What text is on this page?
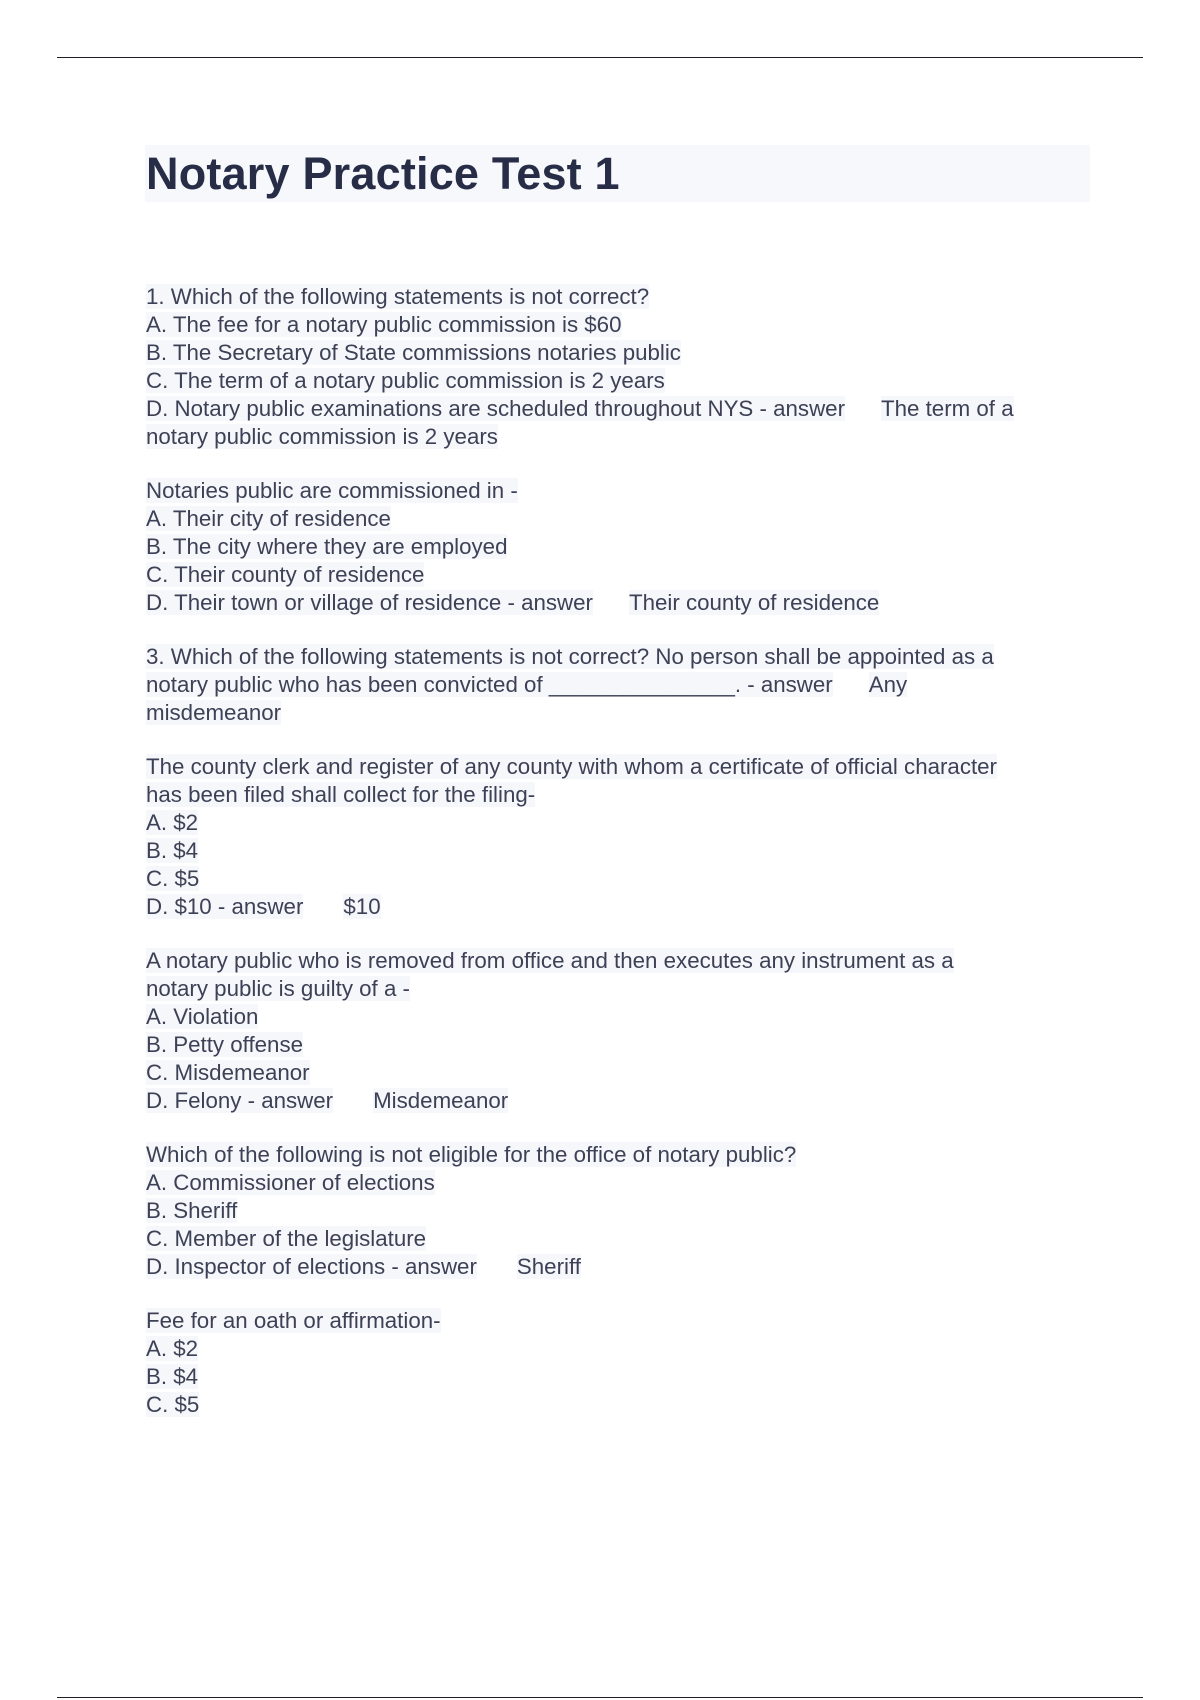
Notary Practice Test 1
1. Which of the following statements is not correct?
A. The fee for a notary public commission is $60
B. The Secretary of State commissions notaries public
C. The term of a notary public commission is 2 years
D. Notary public examinations are scheduled throughout NYS - answer The term of a
notary public commission is 2 years
Notaries public are commissioned in -
A. Their city of residence
B. The city where they are employed
C. Their county of residence
D. Their town or village of residence - answer Their county of residence
3. Which of the following statements is not correct? No person shall be appointed as a
notary public who has been convicted of _______________. - answer Any
misdemeanor
The county clerk and register of any county with whom a certificate of official character
has been filed shall collect for the filing-
A. $2
B. $4
C. $5
D. $10 - answer $10
A notary public who is removed from office and then executes any instrument as a
notary public is guilty of a -
A. Violation
B. Petty offense
C. Misdemeanor
D. Felony - answer Misdemeanor
Which of the following is not eligible for the office of notary public?
A. Commissioner of elections
B. Sheriff
C. Member of the legislature
D. Inspector of elections - answer Sheriff
Fee for an oath or affirmation-
A. $2
B. $4
C. $5
